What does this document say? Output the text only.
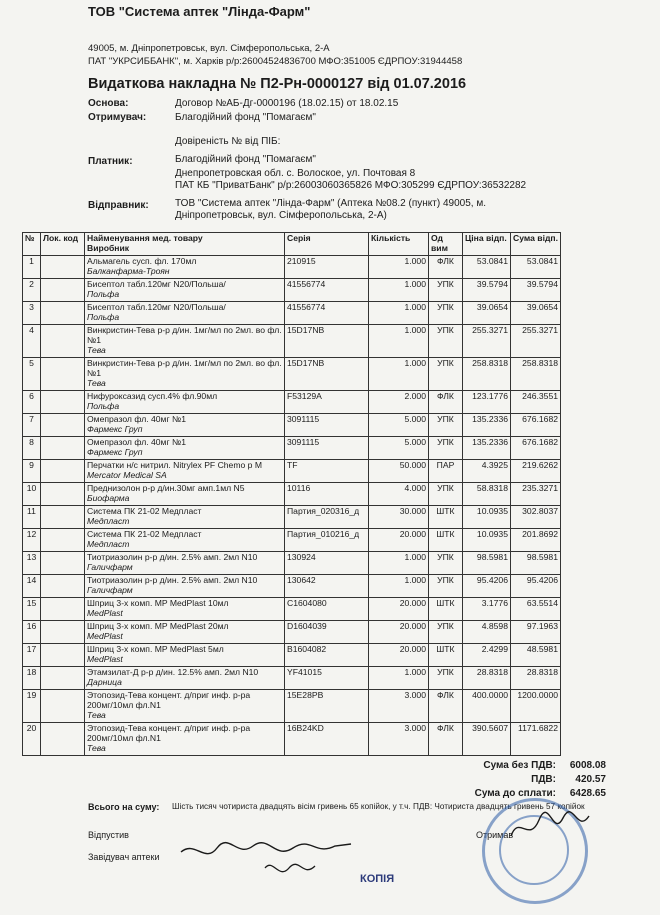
ТОВ "Система аптек "Лінда-Фарм"
49005, м. Дніпропетровськ, вул. Сімферопольська, 2-А
ПАТ "УКРСИББАНК", м. Харків р/р:26004524836700 МФО:351005 ЄДРПОУ:31944458
Видаткова накладна № П2-Рн-0000127 від 01.07.2016
Основа:	Договор №АБ-Дг-0000196 (18.02.15) от 18.02.15
Отримувач:	Благодійний фонд "Помагаєм"
Довіреність № від ПІБ:
Платник:	Благодійний фонд "Помагаєм"
Днепропетровская обл. с. Волоское, ул. Почтовая 8
ПАТ КБ "ПриватБанк" р/р:26003060365826 МФО:305299 ЄДРПОУ:36532282
Відправник:	ТОВ "Система аптек "Лінда-Фарм" (Аптека №08.2 (пункт) 49005, м.
Дніпропетровськ, вул. Сімферопольська, 2-А)
№	Лок. код	Найменування мед. товару
Виробник	Серія	Кількість	Од вим	Ціна відп.	Сума відп.
1		Альмагель сусп. фл. 170мл
Балканфарма-Троян	210915	1.000	ФЛК	53.0841	53.0841
2		Бисептол табл.120мг N20/Польша/
Польфа	41556774	1.000	УПК	39.5794	39.5794
3		Бисептол табл.120мг N20/Польша/
Польфа	41556774	1.000	УПК	39.0654	39.0654
4		Винкристин-Тева р-р д/ин. 1мг/мл по 2мл. во фл. №1
Тева	15D17NB	1.000	УПК	255.3271	255.3271
5		Винкристин-Тева р-р д/ин. 1мг/мл по 2мл. во фл. №1
Тева	15D17NB	1.000	УПК	258.8318	258.8318
6		Нифуроксазид сусп.4% фл.90мл
Польфа	F53129A	2.000	ФЛК	123.1776	246.3551
7		Омепразол фл. 40мг №1
Фармекс Груп	3091115	5.000	УПК	135.2336	676.1682
8		Омепразол фл. 40мг №1
Фармекс Груп	3091115	5.000	УПК	135.2336	676.1682
9		Перчатки н/с нитрил. Nitrylex PF Chemo р M
Mercator Medical SA	TF	50.000	ПАР	4.3925	219.6262
10		Преднизолон р-р д/ин.30мг амп.1мл N5
Биофарма	10116	4.000	УПК	58.8318	235.3271
11		Система ПК 21-02 Медпласт
Медпласт	Партия_020316_д	30.000	ШТК	10.0935	302.8037
12		Система ПК 21-02 Медпласт
Медпласт	Партия_010216_д	20.000	ШТК	10.0935	201.8692
13		Тиотриазолин р-р д/ин. 2.5% амп. 2мл N10
Галичфарм	130924	1.000	УПК	98.5981	98.5981
14		Тиотриазолин р-р д/ин. 2.5% амп. 2мл N10
Галичфарм	130642	1.000	УПК	95.4206	95.4206
15		Шприц 3-х комп. MP MedPlast 10мл
MedPlast	C1604080	20.000	ШТК	3.1776	63.5514
16		Шприц 3-х комп. MP MedPlast 20мл
MedPlast	D1604039	20.000	УПК	4.8598	97.1963
17		Шприц 3-х комп. MP MedPlast 5мл
MedPlast	B1604082	20.000	ШТК	2.4299	48.5981
18		Этамзилат-Д р-р д/ин. 12.5% амп. 2мл N10
Дарница	YF41015	1.000	УПК	28.8318	28.8318
19		Этопозид-Тева концент. д/приг инф. р-ра 200мг/10мл фл.N1
Тева	15E28PB	3.000	ФЛК	400.0000	1200.0000
20		Этопозид-Тева концент. д/приг инф. р-ра 200мг/10мл фл.N1
Тева	16B24KD	3.000	ФЛК	390.5607	1171.6822
Сума без ПДВ:	6008.08
ПДВ:	420.57
Сума до сплати:	6428.65
Всього на суму: Шість тисяч чотириста двадцять вісім гривень 65 копійок, у т.ч. ПДВ: Чотириста двадцять гривень 57 копійок
Відпустив	Отримав
Завідувач аптеки
КОПІЯ
